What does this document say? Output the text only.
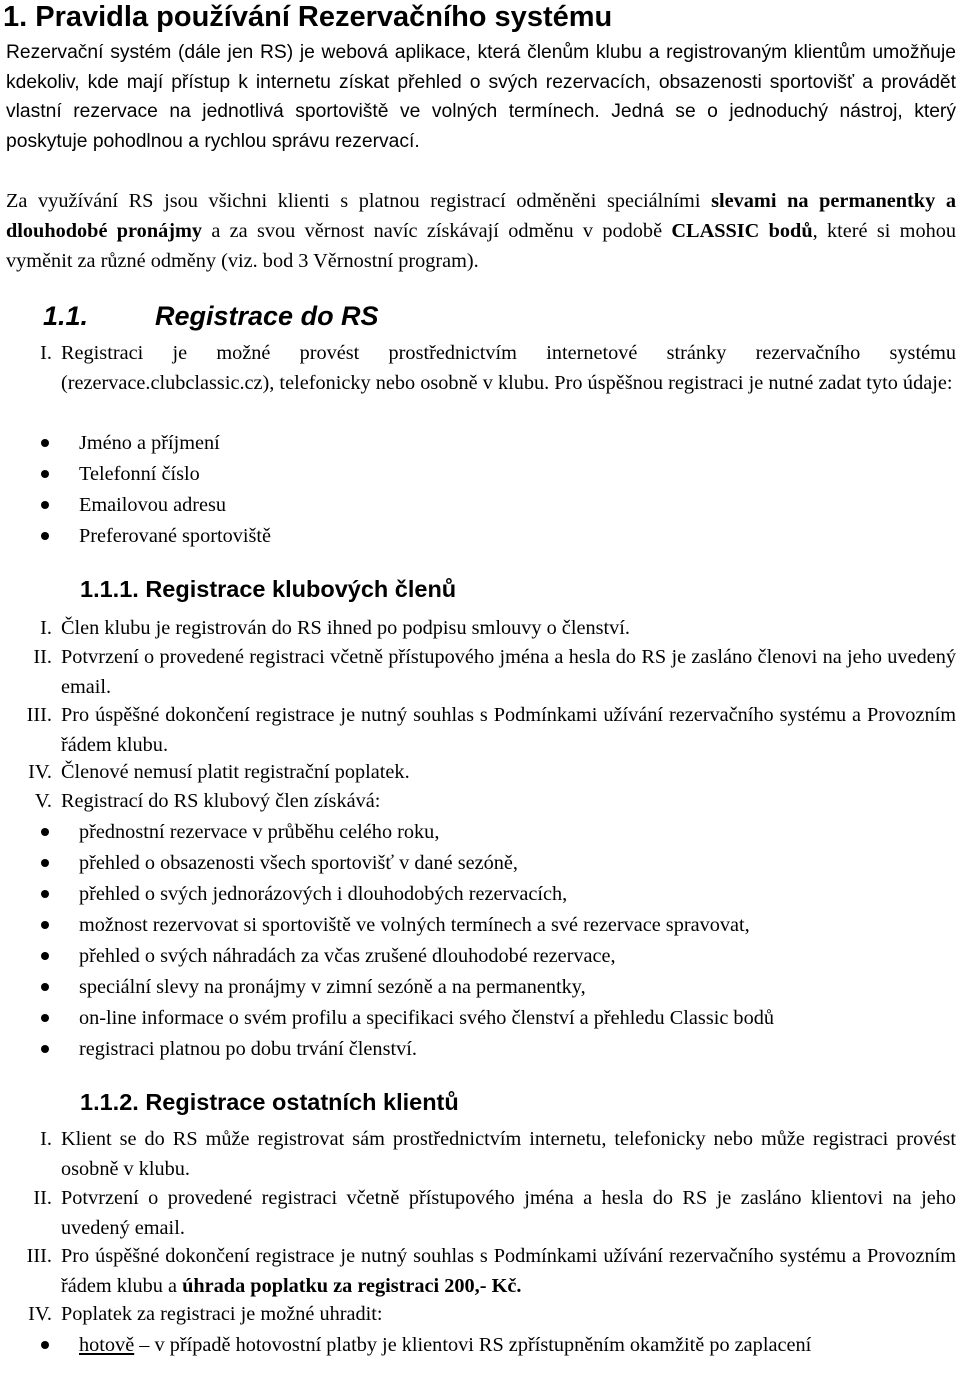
1. Pravidla používání Rezervačního systému
Rezervační systém (dále jen RS) je webová aplikace, která členům klubu a registrovaným klientům umožňuje kdekoliv, kde mají přístup k internetu získat přehled o svých rezervacích, obsazenosti sportovišť a provádět vlastní rezervace na jednotlivá sportoviště ve volných termínech. Jedná se o jednoduchý nástroj, který poskytuje pohodlnou a rychlou správu rezervací.
Za využívání RS jsou všichni klienti s platnou registrací odměněni speciálními slevami na permanentky a dlouhodobé pronájmy a za svou věrnost navíc získávají odměnu v podobě CLASSIC bodů, které si mohou vyměnit za různé odměny (viz. bod 3 Věrnostní program).
1.1. Registrace do RS
I. Registraci je možné provést prostřednictvím internetové stránky rezervačního systému (rezervace.clubclassic.cz), telefonicky nebo osobně v klubu. Pro úspěšnou registraci je nutné zadat tyto údaje:
Jméno a příjmení
Telefonní číslo
Emailovou adresu
Preferované sportoviště
1.1.1. Registrace klubových členů
I. Člen klubu je registrován do RS ihned po podpisu smlouvy o členství.
II. Potvrzení o provedené registraci včetně přístupového jména a hesla do RS je zasláno členovi na jeho uvedený email.
III. Pro úspěšné dokončení registrace je nutný souhlas s Podmínkami užívání rezervačního systému a Provozním řádem klubu.
IV. Členové nemusí platit registrační poplatek.
V. Registrací do RS klubový člen získává:
přednostní rezervace v průběhu celého roku,
přehled o obsazenosti všech sportovišť v dané sezóně,
přehled o svých jednorázových i dlouhodobých rezervacích,
možnost rezervovat si sportoviště ve volných termínech a své rezervace spravovat,
přehled o svých náhradách za včas zrušené dlouhodobé rezervace,
speciální slevy na pronájmy v zimní sezóně a na permanentky,
on-line informace o svém profilu a specifikaci svého členství a přehledu Classic bodů
registraci platnou po dobu trvání členství.
1.1.2. Registrace ostatních klientů
I. Klient se do RS může registrovat sám prostřednictvím internetu, telefonicky nebo může registraci provést osobně v klubu.
II. Potvrzení o provedené registraci včetně přístupového jména a hesla do RS je zasláno klientovi na jeho uvedený email.
III. Pro úspěšné dokončení registrace je nutný souhlas s Podmínkami užívání rezervačního systému a Provozním řádem klubu a úhrada poplatku za registraci 200,- Kč.
IV. Poplatek za registraci je možné uhradit:
hotově – v případě hotovostní platby je klientovi RS zpřístupněním okamžitě po zaplacení
